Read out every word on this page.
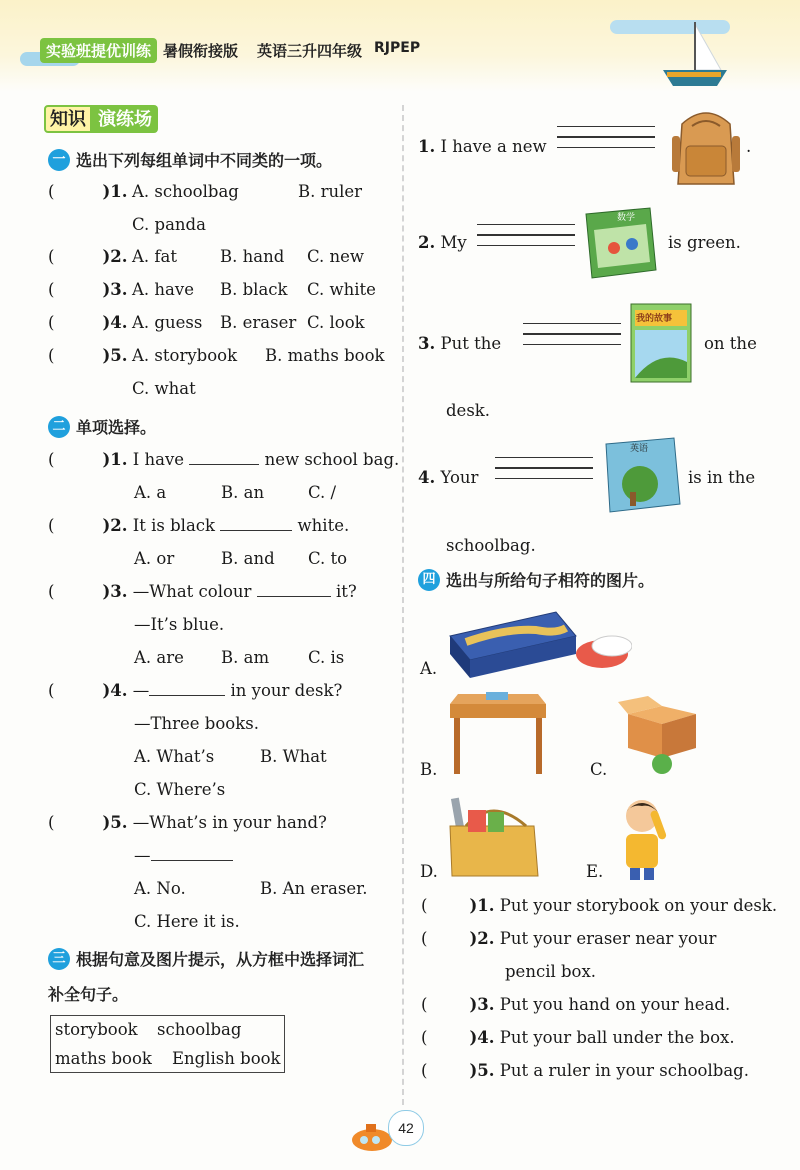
实验班提优训练 暑假衔接版 英语三升四年级 RJPEP
知识 演练场
一 选出下列每组单词中不同类的一项。
(	)1. A. schoolbag	B. ruler
C. panda
(	)2. A. fat	B. hand C. new
(	)3. A. have B. black C. white
(	)4. A. guess B. eraser C. look
(	)5. A. storybook B. maths book
C. what
二 单项选择。
(	)1. I have	new school bag.
A. a	B. an	C. /
(	)2. It is black	white.
A. or	B. and C. to
(	)3. —What colour	it?
—It’s blue.
A. are B. am C. is
(	)4. —	in your desk?
—Three books.
A. What’s	B. What
C. Where’s
(	)5. —What’s in your hand?
—
A. No.	B. An eraser.
C. Here it is.
三 根据句意及图片提示，从方框中选择词汇
补全句子。
storybook schoolbag
maths book English book
1. I have a new	.
2. My	is green.
数学
3. Put the	on the
desk.
我的故事
4. Your	is in the
schoolbag.
英语
四 选出与所给句子相符的图片。
A.
B.	C.
D.	E.
(	)1. Put your storybook on your desk.
(	)2. Put your eraser near your
pencil box.
(	)3. Put you hand on your head.
(	)4. Put your ball under the box.
(	)5. Put a ruler in your schoolbag.
42
